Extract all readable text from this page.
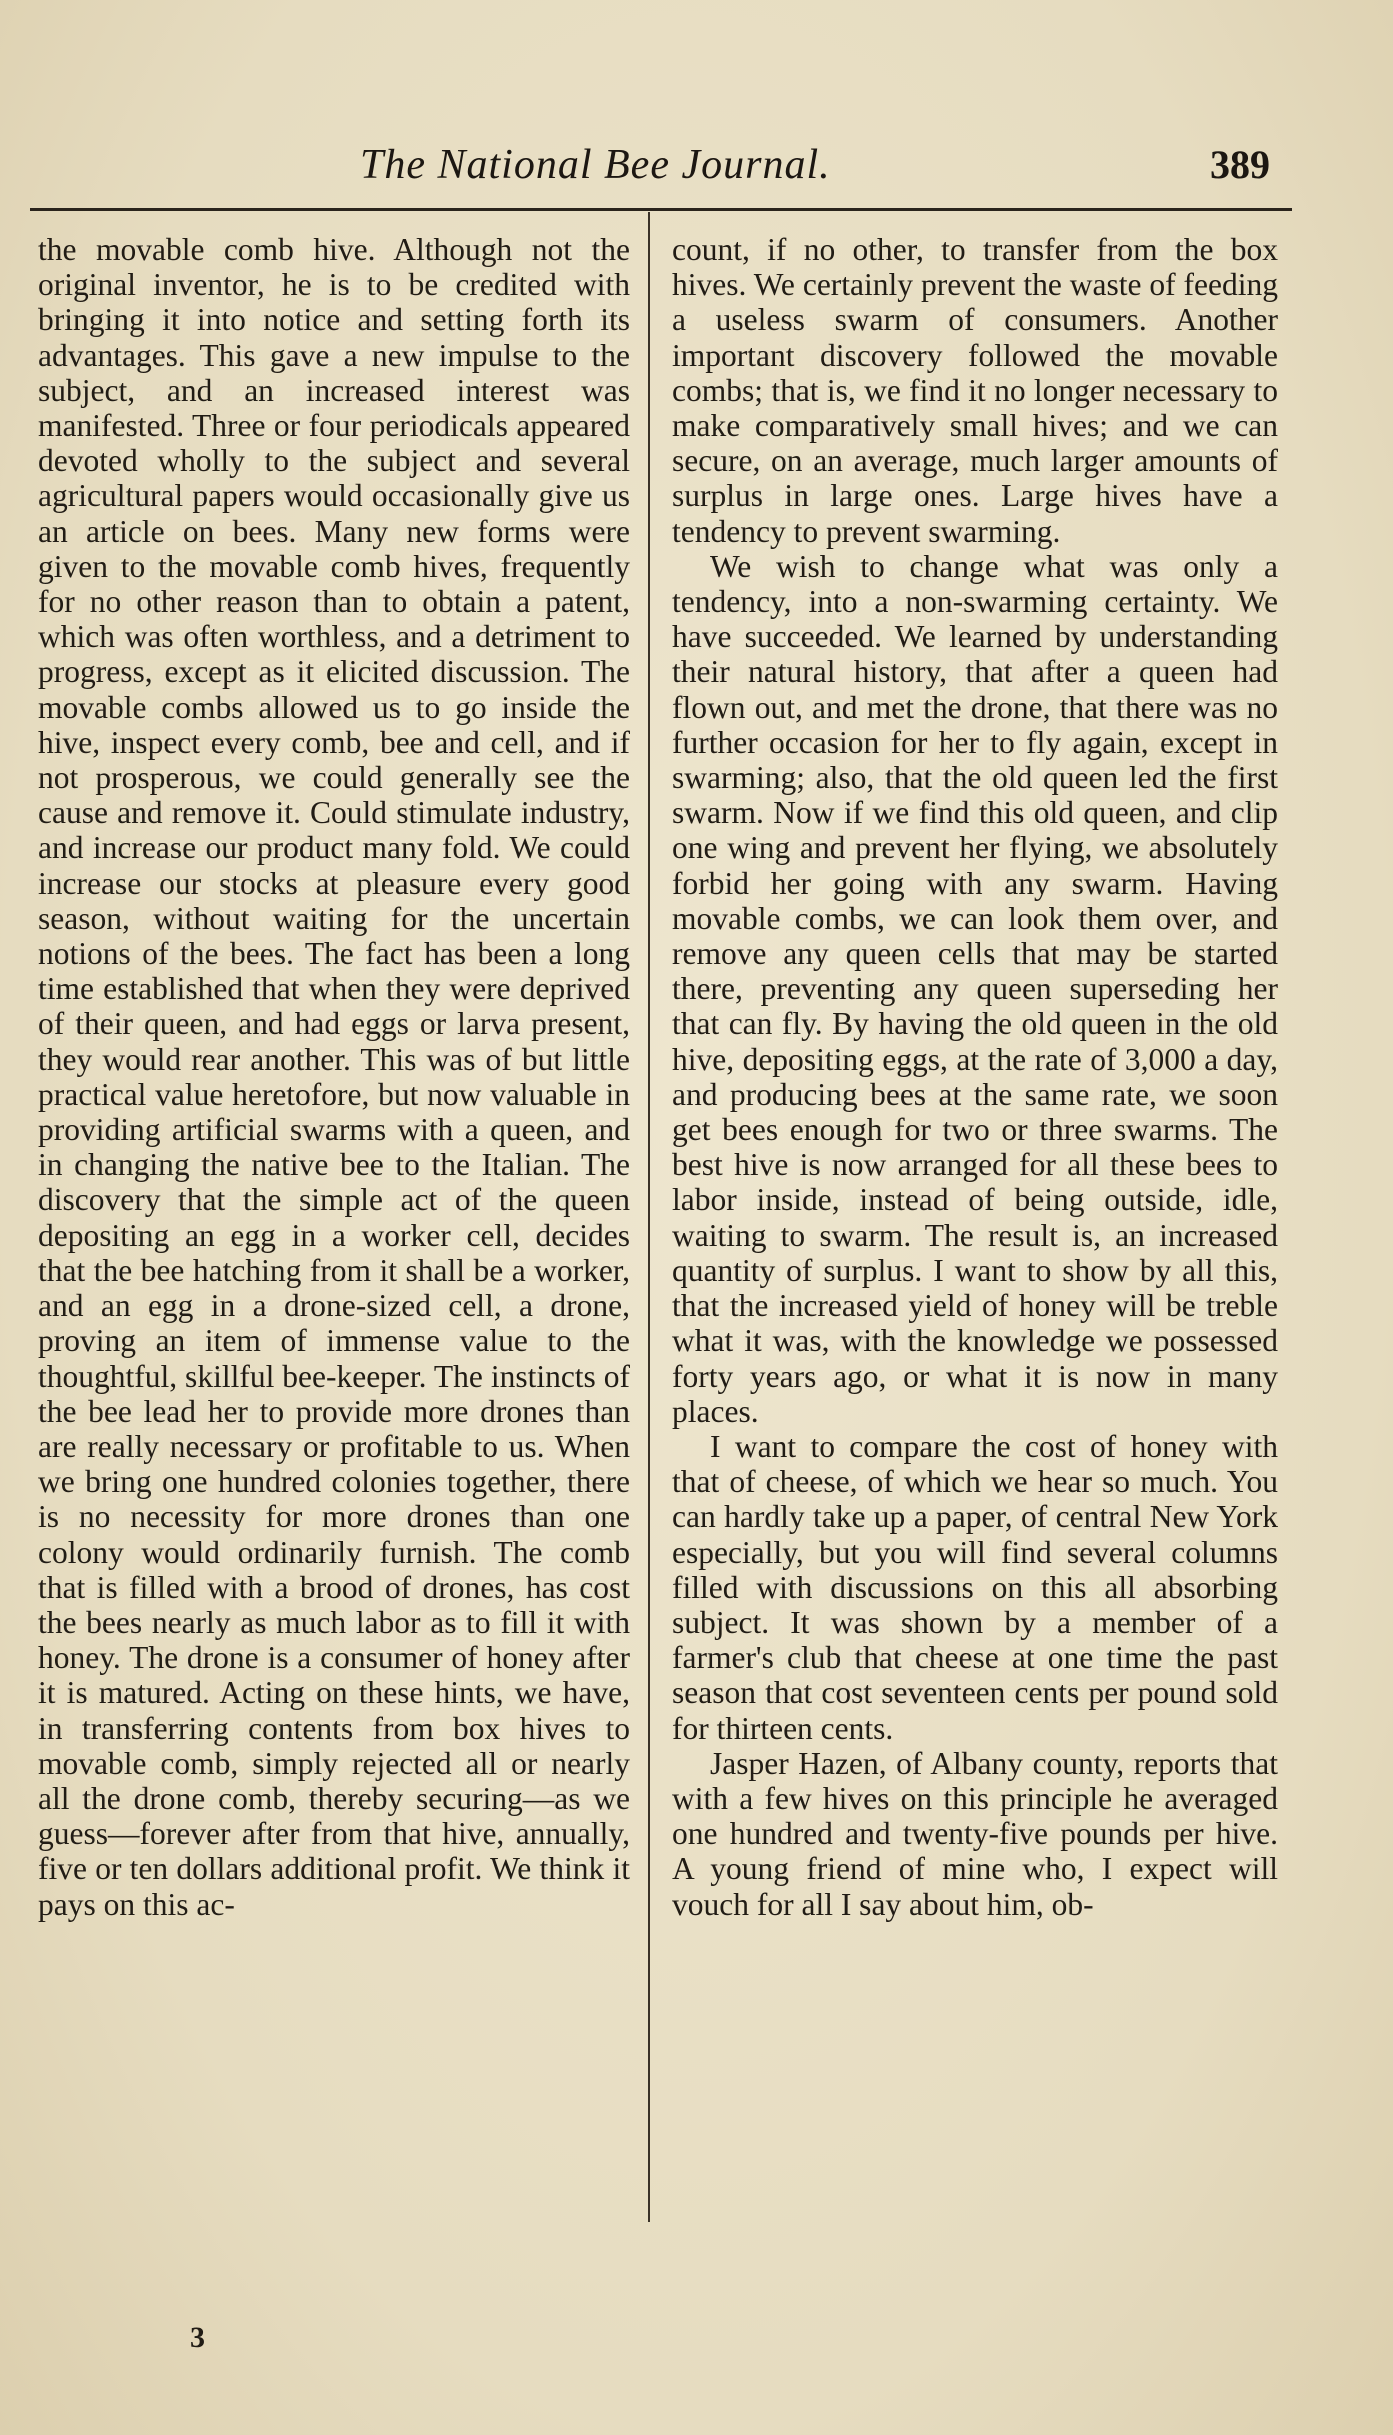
The National Bee Journal.	389

the movable comb hive. Although not the original inventor, he is to be credited with bringing it into notice and setting forth its advantages. This gave a new impulse to the subject, and an increased interest was manifested. Three or four periodicals appeared devoted wholly to the subject and several agricultural papers would occasionally give us an article on bees. Many new forms were given to the movable comb hives, frequently for no other reason than to obtain a patent, which was often worthless, and a detriment to progress, except as it elicited discussion. The movable combs allowed us to go inside the hive, inspect every comb, bee and cell, and if not prosperous, we could generally see the cause and remove it. Could stimulate industry, and increase our product many fold. We could increase our stocks at pleasure every good season, without waiting for the uncertain notions of the bees. The fact has been a long time established that when they were deprived of their queen, and had eggs or larva present, they would rear another. This was of but little practical value heretofore, but now valuable in providing artificial swarms with a queen, and in changing the native bee to the Italian. The discovery that the simple act of the queen depositing an egg in a worker cell, decides that the bee hatching from it shall be a worker, and an egg in a drone-sized cell, a drone, proving an item of immense value to the thoughtful, skillful bee-keeper. The instincts of the bee lead her to provide more drones than are really necessary or profitable to us. When we bring one hundred colonies together, there is no necessity for more drones than one colony would ordinarily furnish. The comb that is filled with a brood of drones, has cost the bees nearly as much labor as to fill it with honey. The drone is a consumer of honey after it is matured. Acting on these hints, we have, in transferring contents from box hives to movable comb, simply rejected all or nearly all the drone comb, thereby securing—as we guess—forever after from that hive, annually, five or ten dollars additional profit. We think it pays on this ac-

count, if no other, to transfer from the box hives. We certainly prevent the waste of feeding a useless swarm of consumers. Another important discovery followed the movable combs; that is, we find it no longer necessary to make comparatively small hives; and we can secure, on an average, much larger amounts of surplus in large ones. Large hives have a tendency to prevent swarming.

We wish to change what was only a tendency, into a non-swarming certainty. We have succeeded. We learned by understanding their natural history, that after a queen had flown out, and met the drone, that there was no further occasion for her to fly again, except in swarming; also, that the old queen led the first swarm. Now if we find this old queen, and clip one wing and prevent her flying, we absolutely forbid her going with any swarm. Having movable combs, we can look them over, and remove any queen cells that may be started there, preventing any queen superseding her that can fly. By having the old queen in the old hive, depositing eggs, at the rate of 3,000 a day, and producing bees at the same rate, we soon get bees enough for two or three swarms. The best hive is now arranged for all these bees to labor inside, instead of being outside, idle, waiting to swarm. The result is, an increased quantity of surplus. I want to show by all this, that the increased yield of honey will be treble what it was, with the knowledge we possessed forty years ago, or what it is now in many places.

I want to compare the cost of honey with that of cheese, of which we hear so much. You can hardly take up a paper, of central New York especially, but you will find several columns filled with discussions on this all absorbing subject. It was shown by a member of a farmer's club that cheese at one time the past season that cost seventeen cents per pound sold for thirteen cents.

Jasper Hazen, of Albany county, reports that with a few hives on this principle he averaged one hundred and twenty-five pounds per hive. A young friend of mine who, I expect will vouch for all I say about him, ob-

3
